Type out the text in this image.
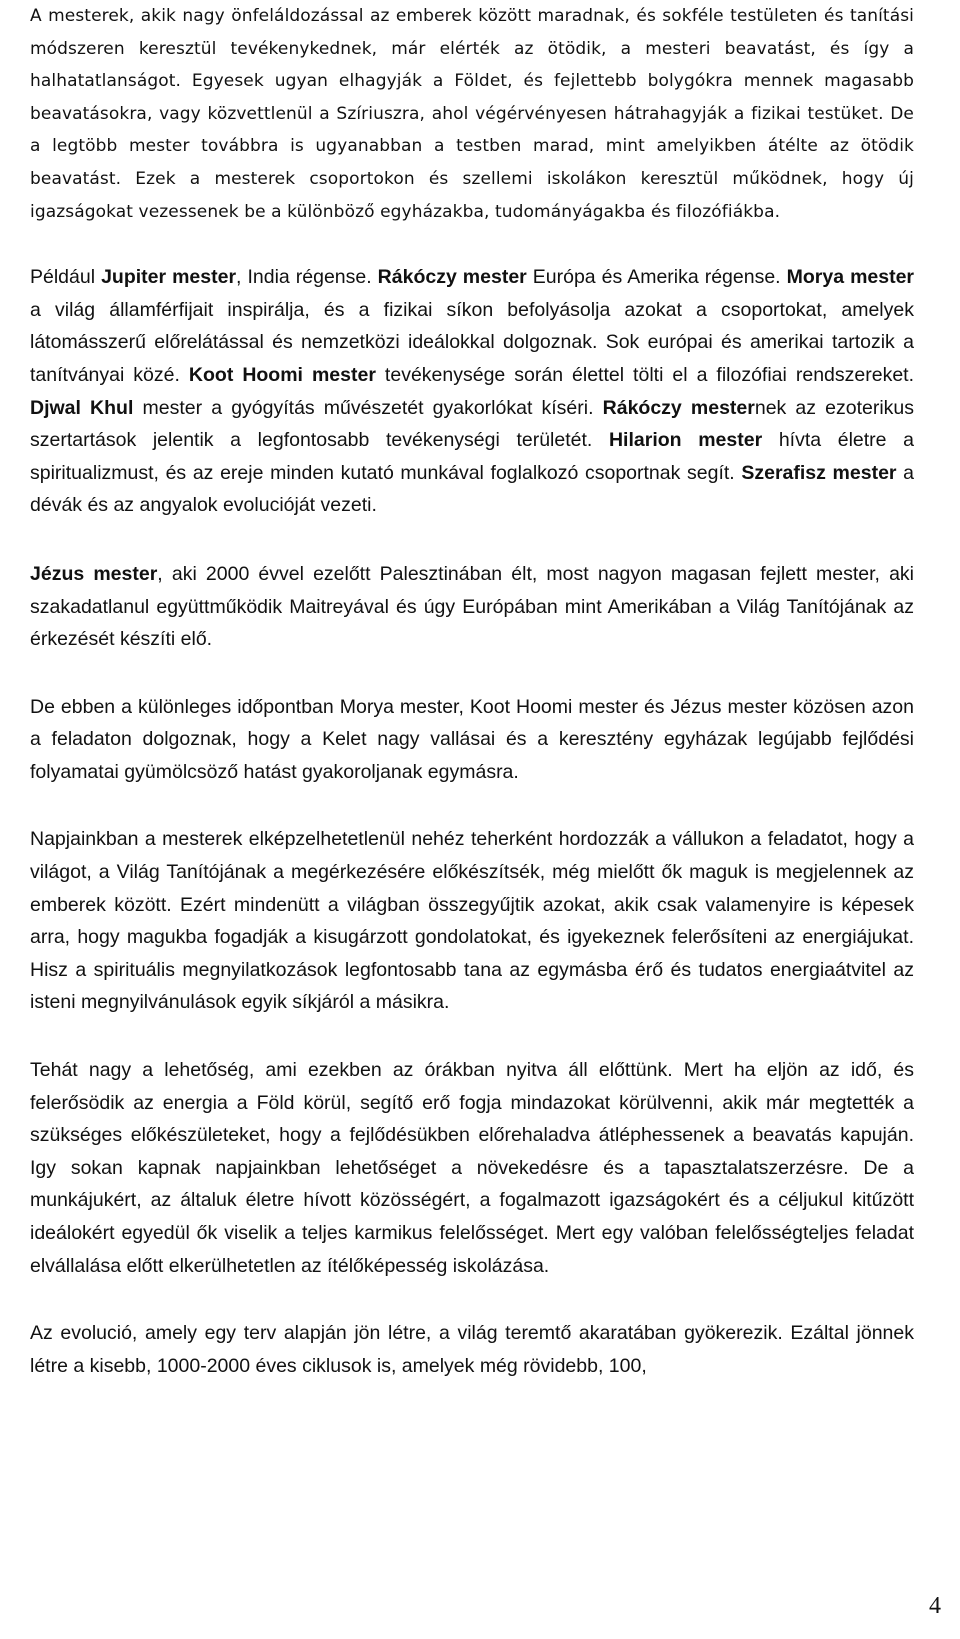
A mesterek, akik nagy önfeláldozással az emberek között maradnak, és sokféle testületen és tanítási módszeren keresztül tevékenykednek, már elérték az ötödik, a mesteri beavatást, és így a halhatatlanságot. Egyesek ugyan elhagyják a Földet, és fejlettebb bolygókra mennek magasabb beavatásokra, vagy közvettlenül a Szíriuszra, ahol végérvényesen hátrahagyják a fizikai testüket. De a legtöbb mester továbbra is ugyanabban a testben marad, mint amelyikben átélte az ötödik beavatást. Ezek a mesterek csoportokon és szellemi iskolákon keresztül működnek, hogy új igazságokat vezessenek be a különböző egyházakba, tudományágakba és filozófiákba.

Például Jupiter mester, India régense. Rákóczy mester Európa és Amerika régense. Morya mester a világ államférfijait inspirálja, és a fizikai síkon befolyásolja azokat a csoportokat, amelyek látomásszerű előrelátással és nemzetközi ideálokkal dolgoznak. Sok európai és amerikai tartozik a tanítványai közé. Koot Hoomi mester tevékenysége során élettel tölti el a filozófiai rendszereket. Djwal Khul mester a gyógyítás művészetét gyakorlókat kíséri. Rákóczy mesternek az ezoterikus szertartások jelentik a legfontosabb tevékenységi területét. Hilarion mester hívta életre a spiritualizmust, és az ereje minden kutató munkával foglalkozó csoportnak segít. Szerafisz mester a dévák és az angyalok evolucióját vezeti.

Jézus mester, aki 2000 évvel ezelőtt Palesztinában élt, most nagyon magasan fejlett mester, aki szakadatlanul együttműködik Maitreyával és úgy Európában mint Amerikában a Világ Tanítójának az érkezését készíti elő.

De ebben a különleges időpontban Morya mester, Koot Hoomi mester és Jézus mester közösen azon a feladaton dolgoznak, hogy a Kelet nagy vallásai és a keresztény egyházak legújabb fejlődési folyamatai gyümölcsöző hatást gyakoroljanak egymásra.

Napjainkban a mesterek elképzelhetetlenül nehéz teherként hordozzák a vállukon a feladatot, hogy a világot, a Világ Tanítójának a megérkezésére előkészítsék, még mielőtt ők maguk is megjelennek az emberek között. Ezért mindenütt a világban összegyűjtik azokat, akik csak valamenyire is képesek arra, hogy magukba fogadják a kisugárzott gondolatokat, és igyekeznek felerősíteni az energiájukat. Hisz a spirituális megnyilatkozások legfontosabb tana az egymásba érő és tudatos energiaátvitel az isteni megnyilvánulások egyik síkjáról a másikra.

Tehát nagy a lehetőség, ami ezekben az órákban nyitva áll előttünk. Mert ha eljön az idő, és felerősödik az energia a Föld körül, segítő erő fogja mindazokat körülvenni, akik már megtették a szükséges előkészületeket, hogy a fejlődésükben előrehaladva átléphessenek a beavatás kapuján. Igy sokan kapnak napjainkban lehetőséget a növekedésre és a tapasztalatszerzésre. De a munkájukért, az általuk életre hívott közösségért, a fogalmazott igazságokért és a céljukul kitűzött ideálokért egyedül ők viselik a teljes karmikus felelősséget. Mert egy valóban felelősségteljes feladat elvállalása előtt elkerülhetetlen az ítélőképesség iskolázása.

Az evolució, amely egy terv alapján jön létre, a világ teremtő akaratában gyökerezik. Ezáltal jönnek létre a kisebb, 1000-2000 éves ciklusok is, amelyek még rövidebb, 100,

4
